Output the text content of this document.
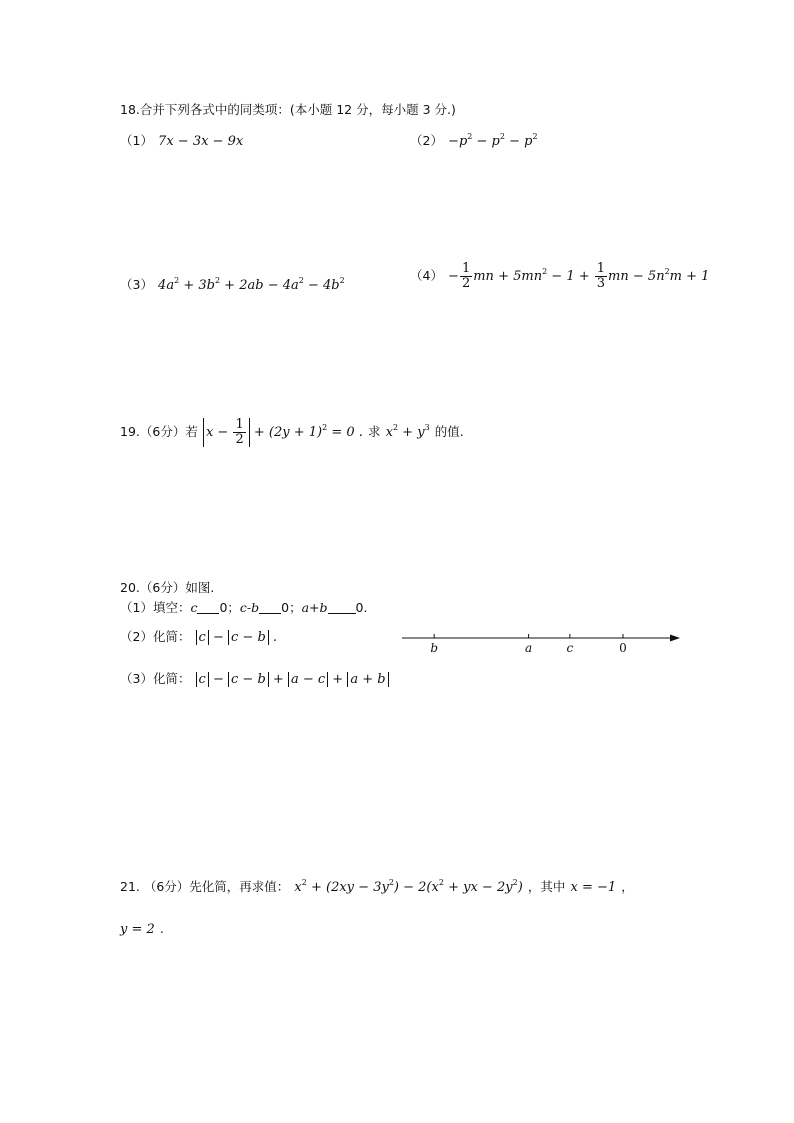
18.合并下列各式中的同类项：(本小题 12 分，每小题 3 分.)
（1） 7x − 3x − 9x	$(2) -p^2 - p^2 - p^2$
（3） $4a^2 + 3b^2 + 2ab - 4a^2 - 4b^2$	$(4) - \frac{1}{2}$ mn + $5mn^2 - 1 + \frac{1}{3}$ mn − $5n^2m + 1$
19.（6分）若 $x - \frac{1}{2} + (2y + 1)^2 = 0$ . 求 $x^2 + y^3$ 的值.
20.（6分）如图.
（1）填空：c 0；c-b 0；a+b 0.
（2）化简： c − c − b .
（3）化简： c − c − b + a − c + a + b
b	a	c	0
21. （6分）先化简，再求值： $x^2 + (2xy - 3y^2) - 2(x^2$ + yx − $2y^2$) ，其中 x = −1 ，
y = 2 .
